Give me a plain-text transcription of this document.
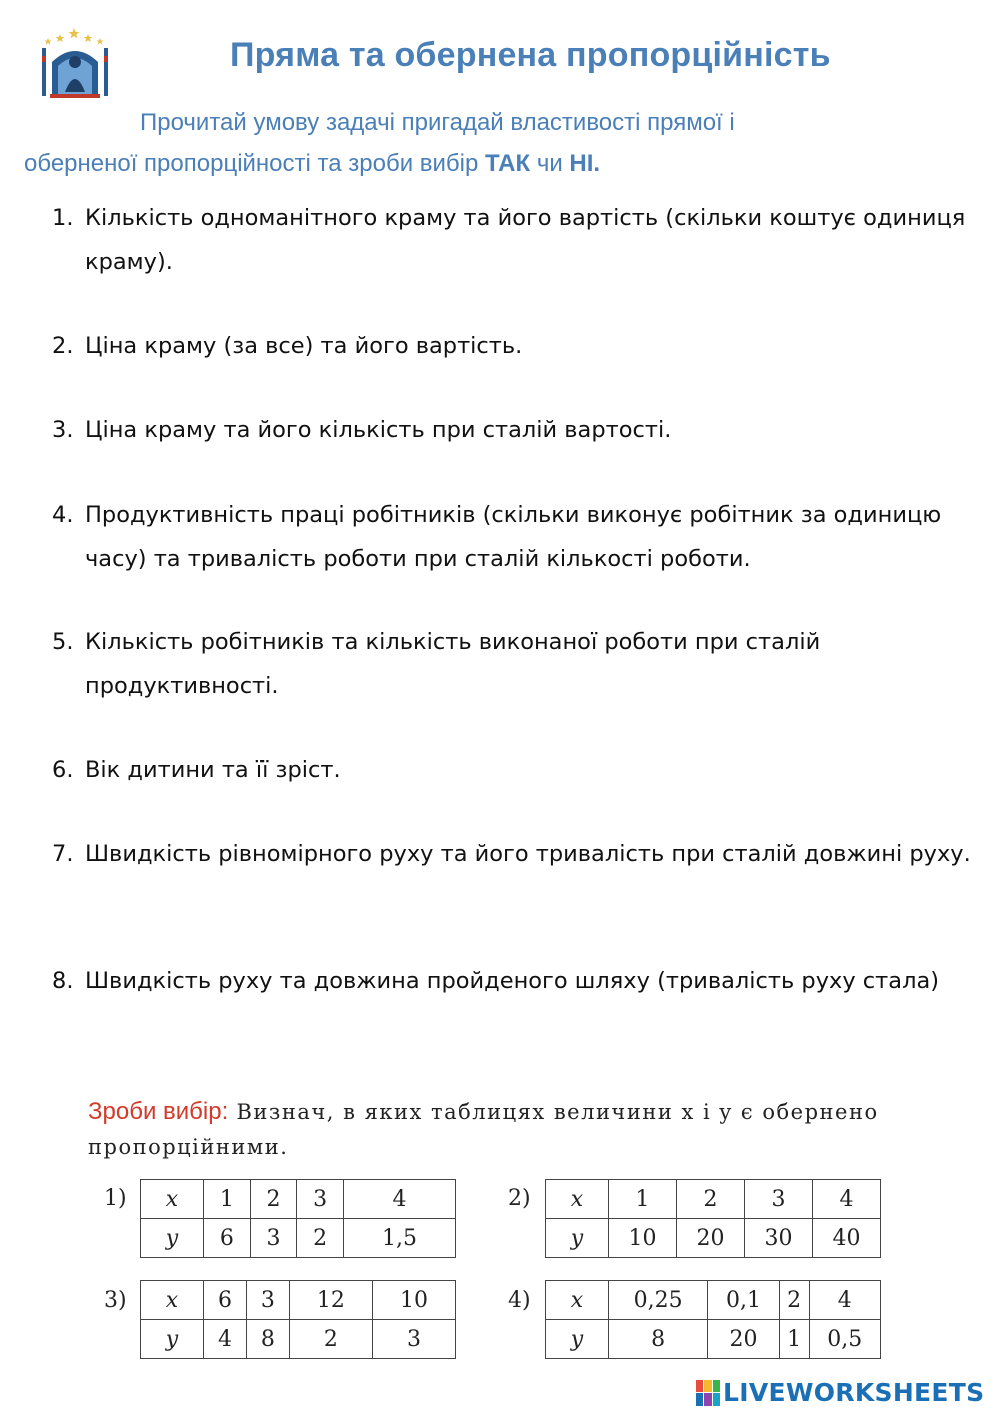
Пряма та обернена пропорційність
Прочитай умову задачі пригадай властивості прямої і
оберненої пропорційності та зроби вибір ТАК чи НІ.
1. Кількість одноманітного краму та його вартість (скільки коштує одиниця краму).
2. Ціна краму (за все) та його вартість.
3. Ціна краму та його кількість при сталій вартості.
4. Продуктивність праці робітників (скільки виконує робітник за одиницю часу) та тривалість роботи при сталій кількості роботи.
5. Кількість робітників та кількість виконаної роботи при сталій продуктивності.
6. Вік дитини та її зріст.
7. Швидкість рівномірного руху та його тривалість при сталій довжині руху.
8. Швидкість руху та довжина пройденого шляху (тривалість руху стала)
Зроби вибір: Визнач, в яких таблицях величини x і y є обернено пропорційними.
1) x	1	2	3	4
y	6	3	2	1,5
2) x	1	2	3	4
y	10	20	30	40
3) x	6	3	12	10
y	4	8	2	3
4) x	0,25	0,1	2	4
y	8	20	1	0,5
LIVEWORKSHEETS
